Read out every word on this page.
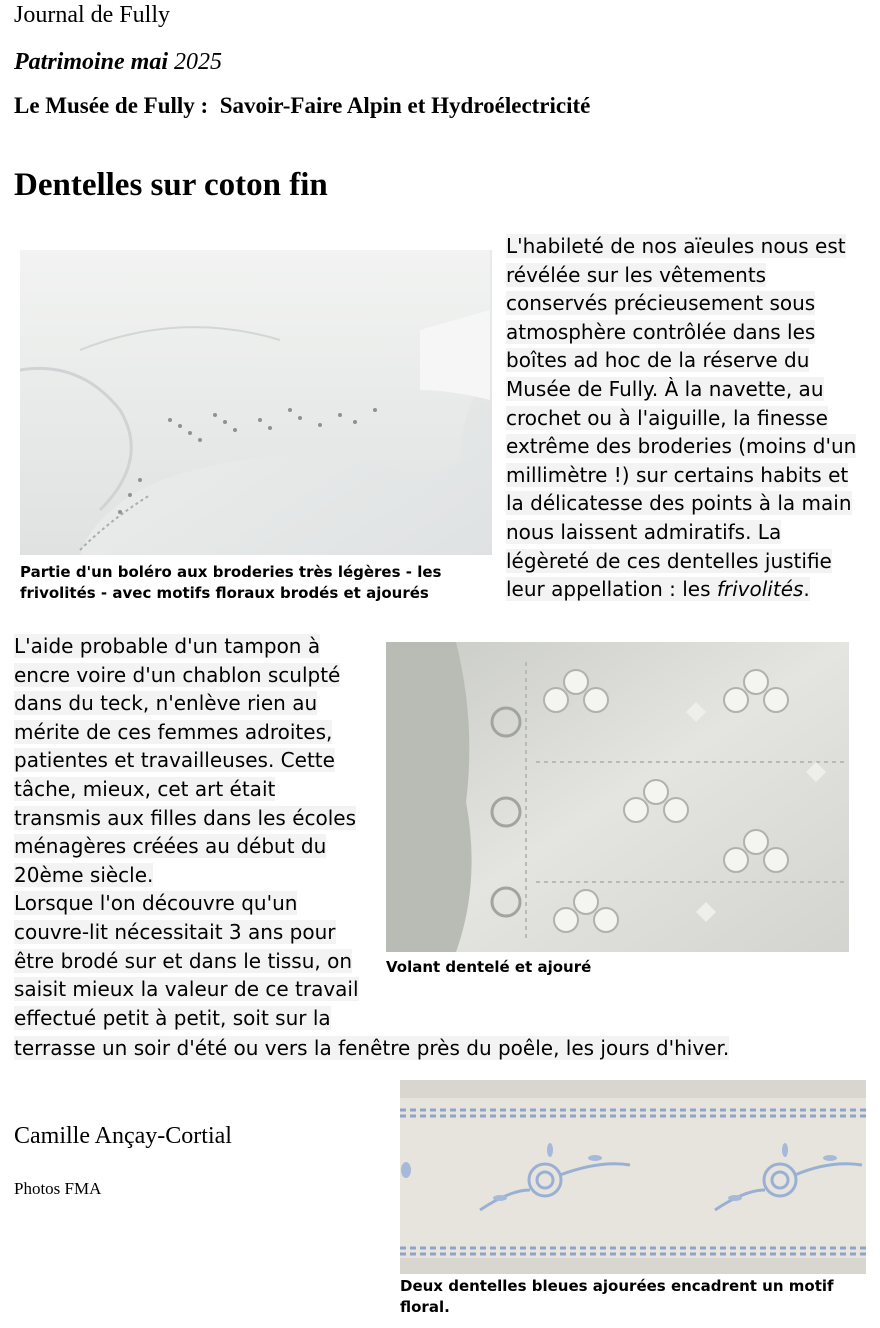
Journal de Fully
Patrimoine mai 2025
Le Musée de Fully :  Savoir-Faire Alpin et Hydroélectricité
Dentelles sur coton fin
Partie d'un boléro aux broderies très légères - les frivolités - avec motifs floraux brodés et ajourés
L'habileté de nos aïeules nous est
révélée sur les vêtements
conservés précieusement sous
atmosphère contrôlée dans les
boîtes ad hoc de la réserve du
Musée de Fully. À la navette, au
crochet ou à l'aiguille, la finesse
extrême des broderies (moins d'un
millimètre !) sur certains habits et
la délicatesse des points à la main
nous laissent admiratifs. La
légèreté de ces dentelles justifie
leur appellation : les frivolités.
L'aide probable d'un tampon à
encre voire d'un chablon sculpté
dans du teck, n'enlève rien au
mérite de ces femmes adroites,
patientes et travailleuses. Cette
tâche, mieux, cet art était
transmis aux filles dans les écoles
ménagères créées au début du
20ème siècle.
Lorsque l'on découvre qu'un
couvre-lit nécessitait 3 ans pour
être brodé sur et dans le tissu, on
saisit mieux la valeur de ce travail
effectué petit à petit, soit sur la
terrasse un soir d'été ou vers la fenêtre près du poêle, les jours d'hiver.
Volant dentelé et ajouré
Camille Ançay-Cortial
Photos FMA
Deux dentelles bleues ajourées encadrent un motif floral.
